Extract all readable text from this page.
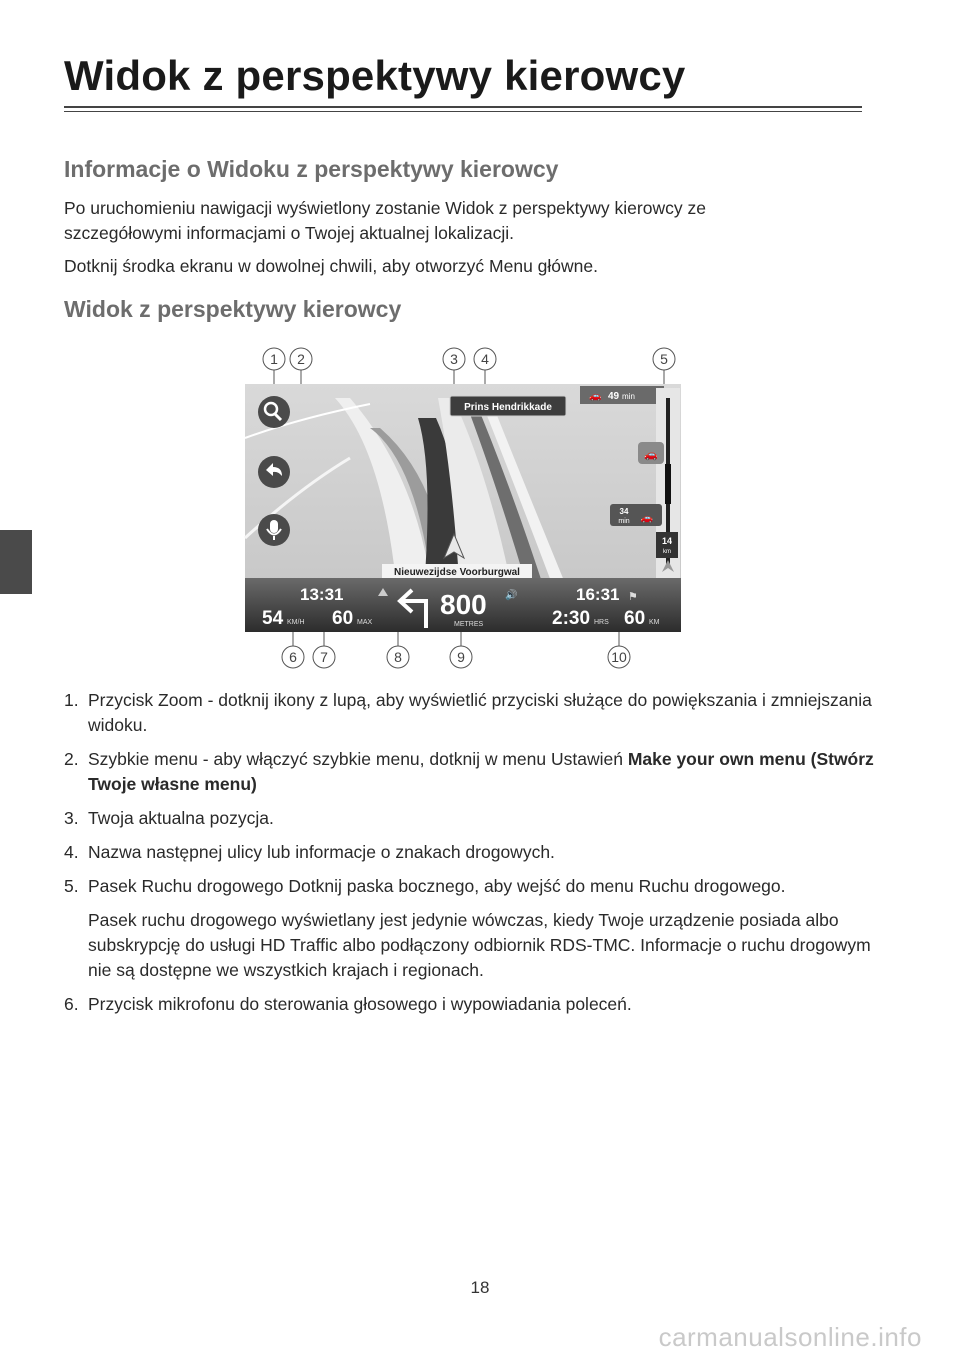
Widok z perspektywy kierowcy
Informacje o Widoku z perspektywy kierowcy

Po uruchomieniu nawigacji wyświetlony zostanie Widok z perspektywy kierowcy ze
szczegółowymi informacjami o Twojej aktualnej lokalizacji.

Dotknij środka ekranu w dowolnej chwili, aby otworzyć Menu główne.

Widok z perspektywy kierowcy
1 2	3 4	5
6 7	8	9	10
Prins Hendrikkade
🚗 49 min
🚗
34
min 🚗
14
km
Nieuwezijdse Voorburgwal
13:31
54 KM/H 60 MAX
800 🔊
METRES
16:31 ⚑
2:30 HRS 60 KM
1. Przycisk Zoom - dotknij ikony z lupą, aby wyświetlić przyciski służące do powiększania i zmniejszania widoku.
2. Szybkie menu - aby włączyć szybkie menu, dotknij w menu Ustawień Make your own menu (Stwórz Twoje własne menu)
3. Twoja aktualna pozycja.
4. Nazwa następnej ulicy lub informacje o znakach drogowych.
5. Pasek Ruchu drogowego Dotknij paska bocznego, aby wejść do menu Ruchu drogowego.
Pasek ruchu drogowego wyświetlany jest jedynie wówczas, kiedy Twoje urządzenie posiada albo subskrypcję do usługi HD Traffic albo podłączony odbiornik RDS-TMC. Informacje o ruchu drogowym nie są dostępne we wszystkich krajach i regionach.
6. Przycisk mikrofonu do sterowania głosowego i wypowiadania poleceń.
18
carmanualsonline.info
